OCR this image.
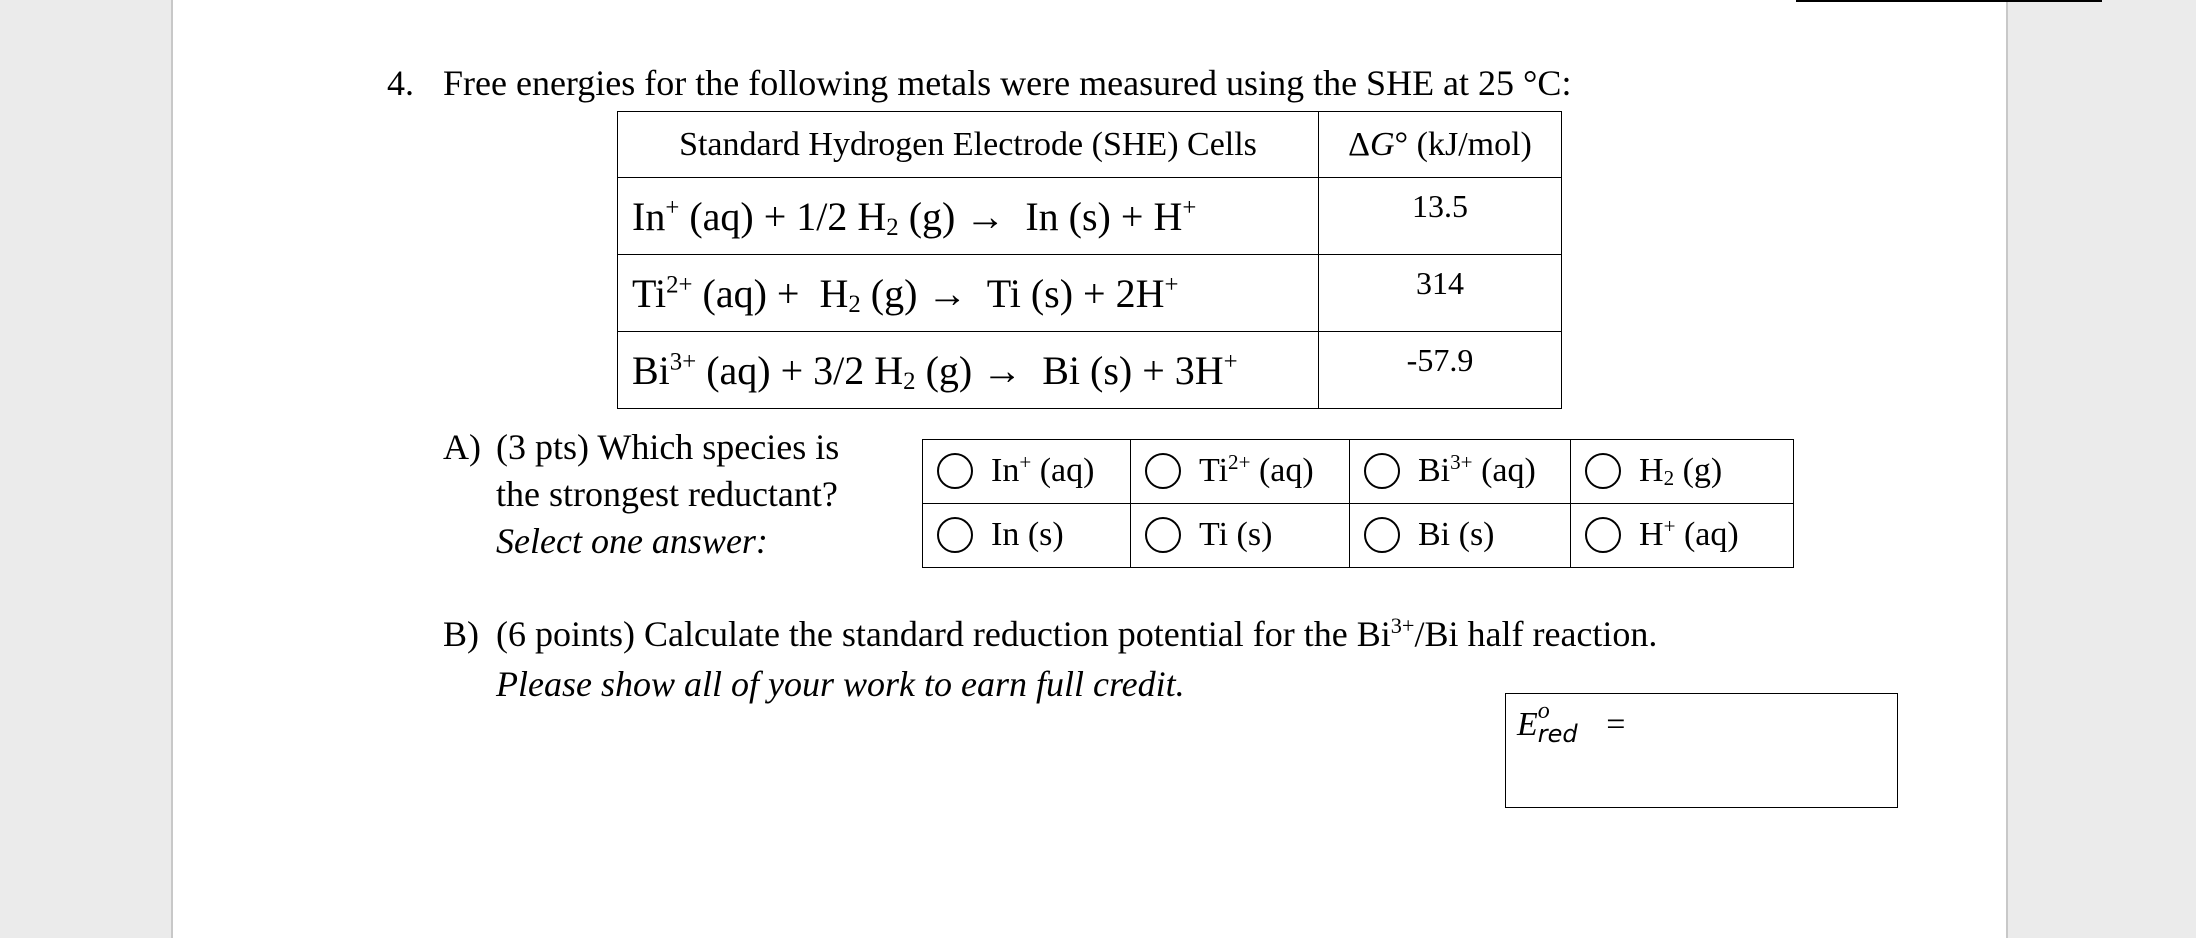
4. Free energies for the following metals were measured using the SHE at 25 °C:
Standard Hydrogen Electrode (SHE) Cells	ΔG° (kJ/mol)
In+ (aq) + 1/2 $H_2$ (g) →  In (s) + H+	13.5
$Ti^{2+}$ $(aq) + H_2$ (g) →  Ti (s) + 2H+	314
$Bi^{3+}$ (aq) + 3/2 $H_2$ (g) →  Bi (s) + 3H+	-57.9
A) (3 pts) Which species is
the strongest reductant?
Select one answer:
In+ (aq)	$Ti^{2+}$ (aq)	$Bi^{3+}$ (aq)	$H_2$ (g)
In (s)	Ti (s)	Bi (s)	H+ (aq)
B) (6 points) Calculate the standard reduction potential for the $Bi^{3+}/Bi$ half reaction.
Please show all of your work to earn full credit.
E o
red =
